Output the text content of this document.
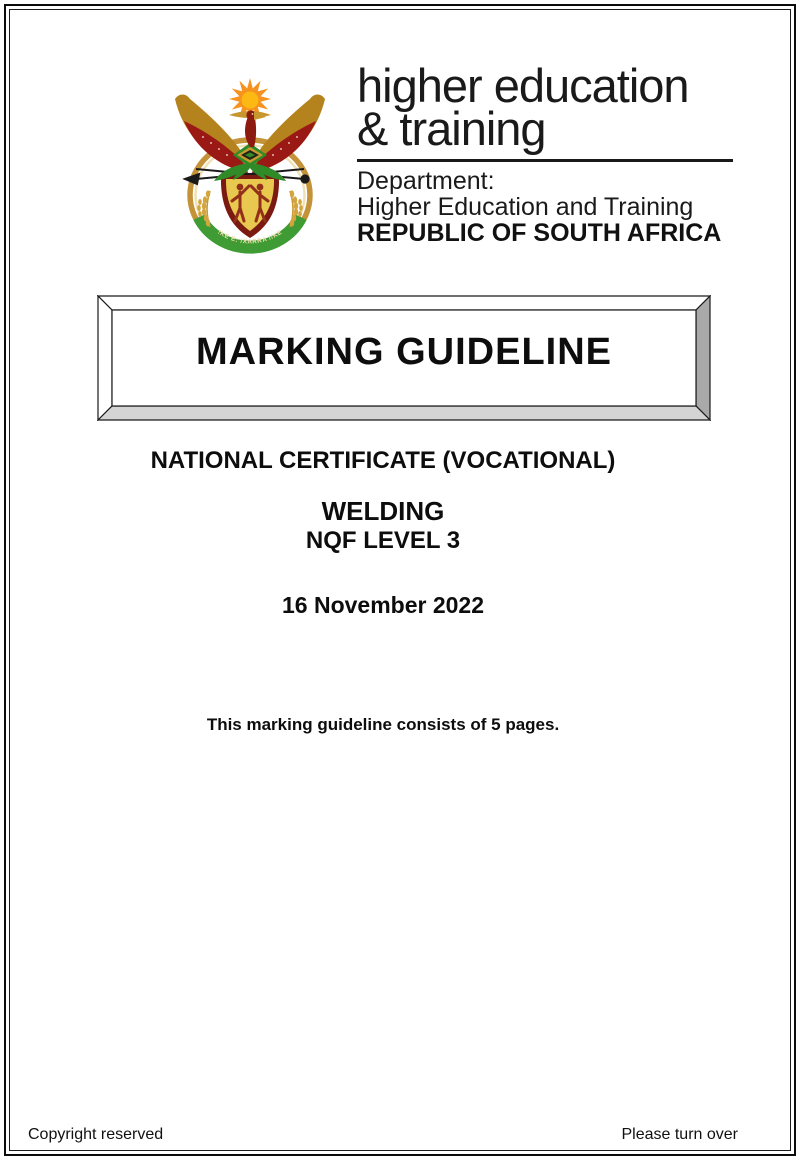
!KE E: /XARRA //KE
higher education
& training
Department:
Higher Education and Training
REPUBLIC OF SOUTH AFRICA
MARKING GUIDELINE
NATIONAL CERTIFICATE (VOCATIONAL)
WELDING
NQF LEVEL 3
16 November 2022
This marking guideline consists of 5 pages.
Copyright reserved	Please turn over
